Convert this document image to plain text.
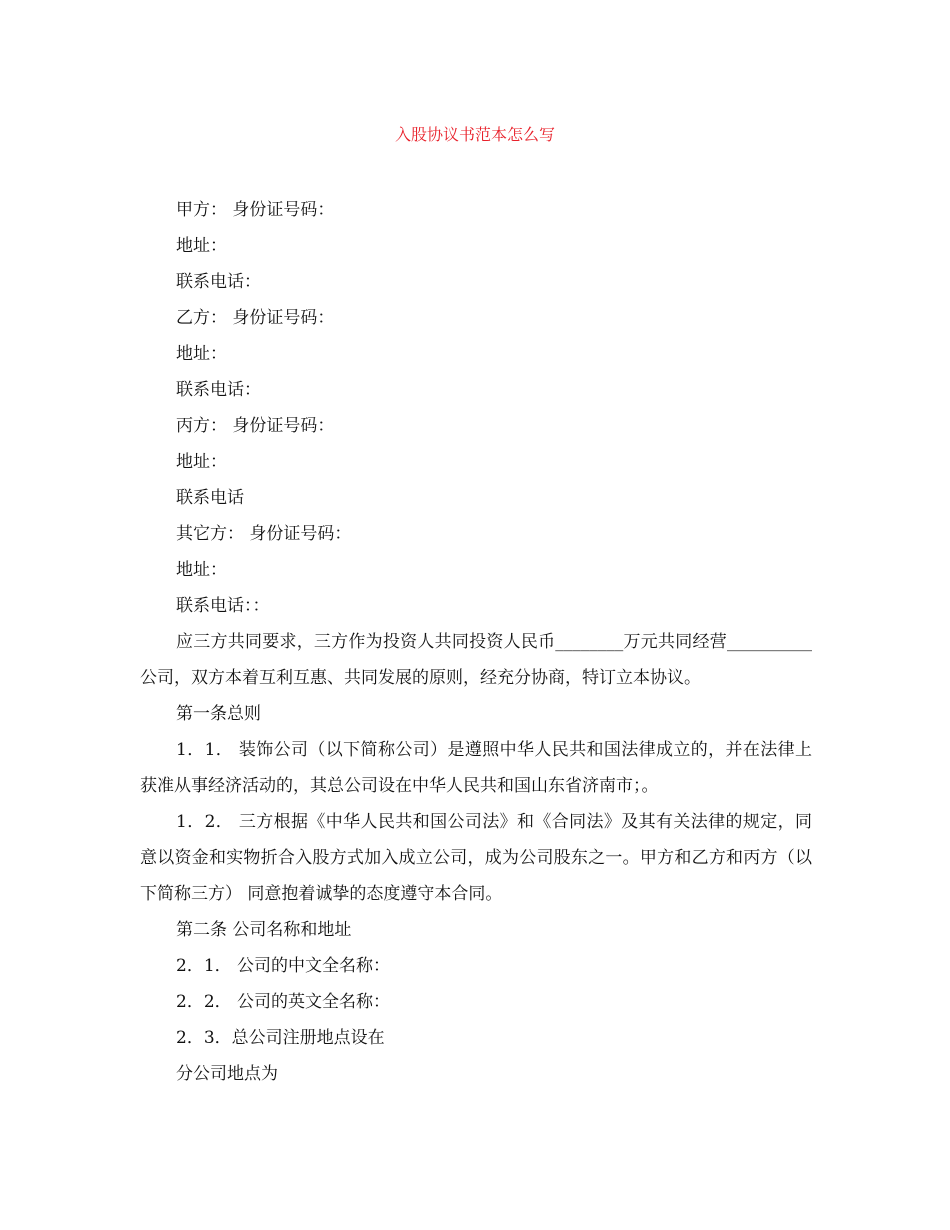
入股协议书范本怎么写
甲方： 身份证号码：
地址：
联系电话：
乙方： 身份证号码：
地址：
联系电话：
丙方： 身份证号码：
地址：
联系电话
其它方： 身份证号码：
地址：
联系电话：：
应三方共同要求，三方作为投资人共同投资人民币________万元共同经营__________公司，双方本着互利互惠、共同发展的原则，经充分协商，特订立本协议。
第一条总则
1．1． 装饰公司（以下简称公司）是遵照中华人民共和国法律成立的，并在法律上获准从事经济活动的，其总公司设在中华人民共和国山东省济南市；。
1．2． 三方根据《中华人民共和国公司法》和《合同法》及其有关法律的规定，同意以资金和实物折合入股方式加入成立公司，成为公司股东之一。甲方和乙方和丙方（以下简称三方） 同意抱着诚挚的态度遵守本合同。
第二条 公司名称和地址
2．1． 公司的中文全名称：
2．2． 公司的英文全名称：
2．3．总公司注册地点设在
分公司地点为
